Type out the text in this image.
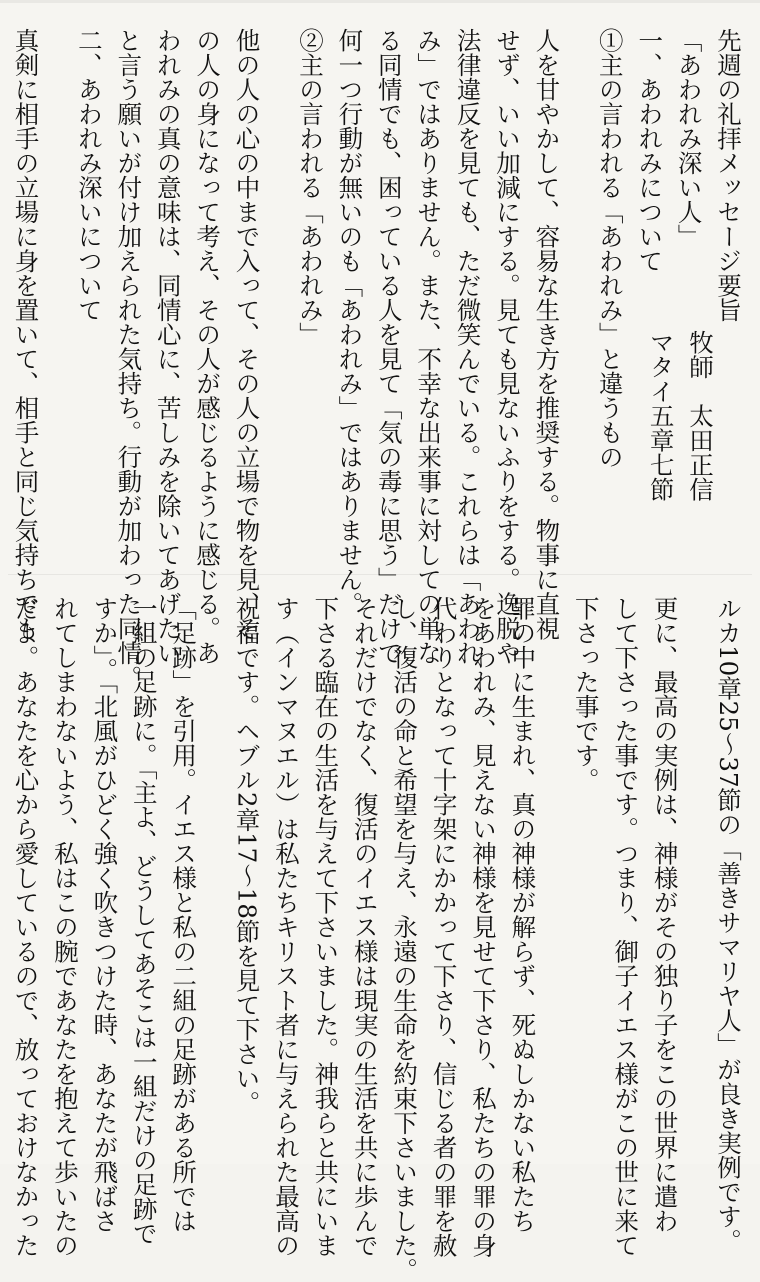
先週の礼拝メッセージ要旨
「あわれみ深い人」
一、あわれみについて
①主の言われる「あわれみ」と違うもの
人を甘やかして、容易な生き方を推奨する。物事に直視
せず、いい加減にする。見ても見ないふりをする。逸脱や
法律違反を見ても、ただ微笑んでいる。これらは「あわれ
み」ではありません。また、不幸な出来事に対しての単な
る同情でも、困っている人を見て「気の毒に思う」だけで
何一つ行動が無いのも「あわれみ」ではありません。
②主の言われる「あわれみ」
他の人の心の中まで入って、その人の立場で物を見、そ
の人の身になって考え、その人が感じるように感じる。あ
われみの真の意味は、同情心に、苦しみを除いてあげたい
と言う願いが付け加えられた気持ち。行動が加わった同情。
二、あわれみ深いについて
真剣に相手の立場に身を置いて、相手と同じ気持ちでも	牧師　太田正信
マタイ五章七節
ルカ10章25～37節の「善きサマリヤ人」が良き実例です。
更に、最高の実例は、神様がその独り子をこの世界に遣わ
して下さった事です。つまり、御子イエス様がこの世に来て
下さった事です。
罪の中に生まれ、真の神様が解らず、死ぬしかない私たち
をあわれみ、見えない神様を見せて下さり、私たちの罪の身
代わりとなって十字架にかかって下さり、信じる者の罪を赦
し、復活の命と希望を与え、永遠の生命を約束下さいました。
それだけでなく、復活のイエス様は現実の生活を共に歩んで
下さる臨在の生活を与えて下さいました。神我らと共にいま
す（インマヌエル）は私たちキリスト者に与えられた最高の
祝福です。ヘブル2章17～18節を見て下さい。
「足跡」を引用。イエス様と私の二組の足跡がある所では
一組の足跡に。「主よ、どうしてあそこは一組だけの足跡で
すか」。「北風がひどく強く吹きつけた時、あなたが飛ばさ
れてしまわないよう、私はこの腕であなたを抱えて歩いたの
だよ。あなたを心から愛しているので、放っておけなかった
